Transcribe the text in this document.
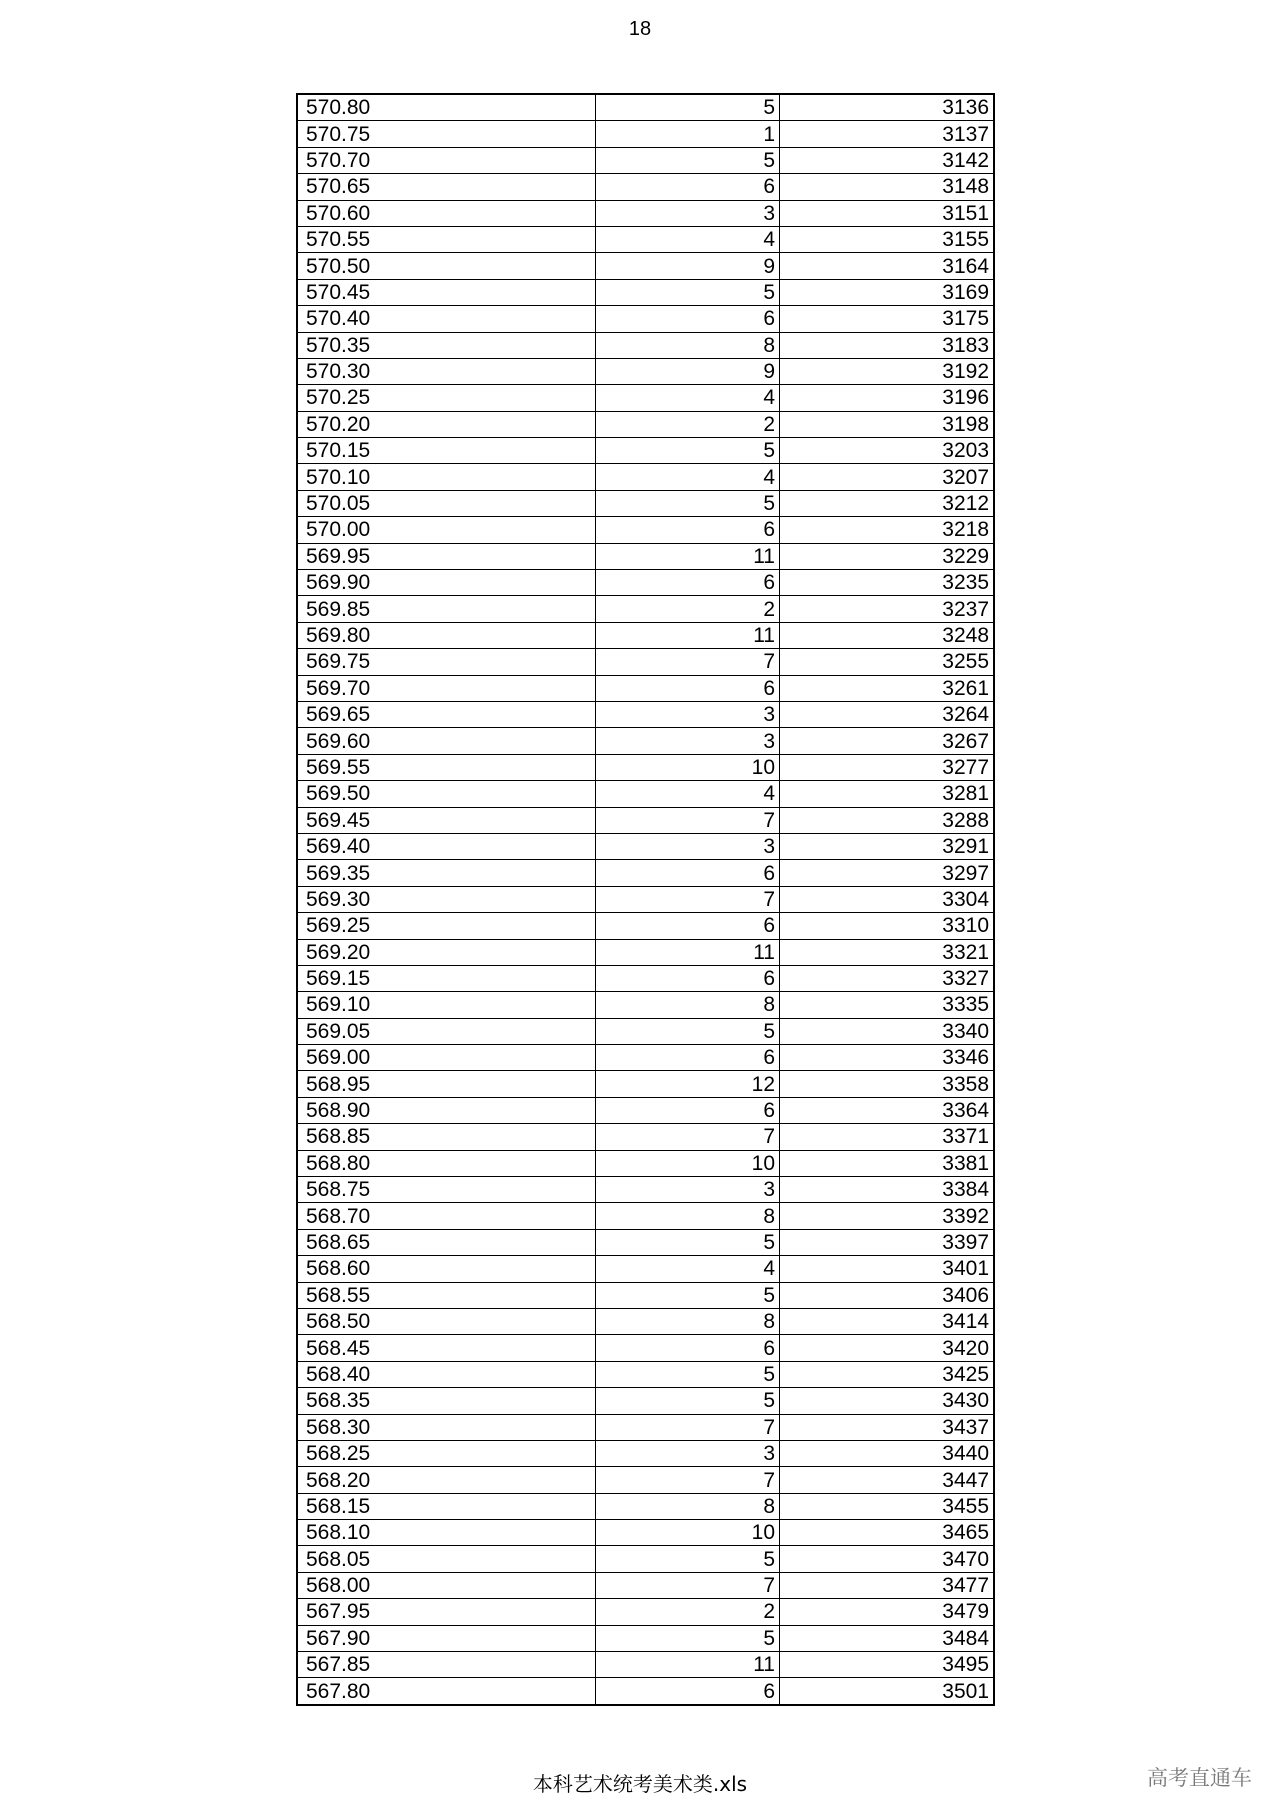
18
570.80	5	3136
570.75	1	3137
570.70	5	3142
570.65	6	3148
570.60	3	3151
570.55	4	3155
570.50	9	3164
570.45	5	3169
570.40	6	3175
570.35	8	3183
570.30	9	3192
570.25	4	3196
570.20	2	3198
570.15	5	3203
570.10	4	3207
570.05	5	3212
570.00	6	3218
569.95	11	3229
569.90	6	3235
569.85	2	3237
569.80	11	3248
569.75	7	3255
569.70	6	3261
569.65	3	3264
569.60	3	3267
569.55	10	3277
569.50	4	3281
569.45	7	3288
569.40	3	3291
569.35	6	3297
569.30	7	3304
569.25	6	3310
569.20	11	3321
569.15	6	3327
569.10	8	3335
569.05	5	3340
569.00	6	3346
568.95	12	3358
568.90	6	3364
568.85	7	3371
568.80	10	3381
568.75	3	3384
568.70	8	3392
568.65	5	3397
568.60	4	3401
568.55	5	3406
568.50	8	3414
568.45	6	3420
568.40	5	3425
568.35	5	3430
568.30	7	3437
568.25	3	3440
568.20	7	3447
568.15	8	3455
568.10	10	3465
568.05	5	3470
568.00	7	3477
567.95	2	3479
567.90	5	3484
567.85	11	3495
567.80	6	3501
本科艺术统考美术类.xls	高考直通车
